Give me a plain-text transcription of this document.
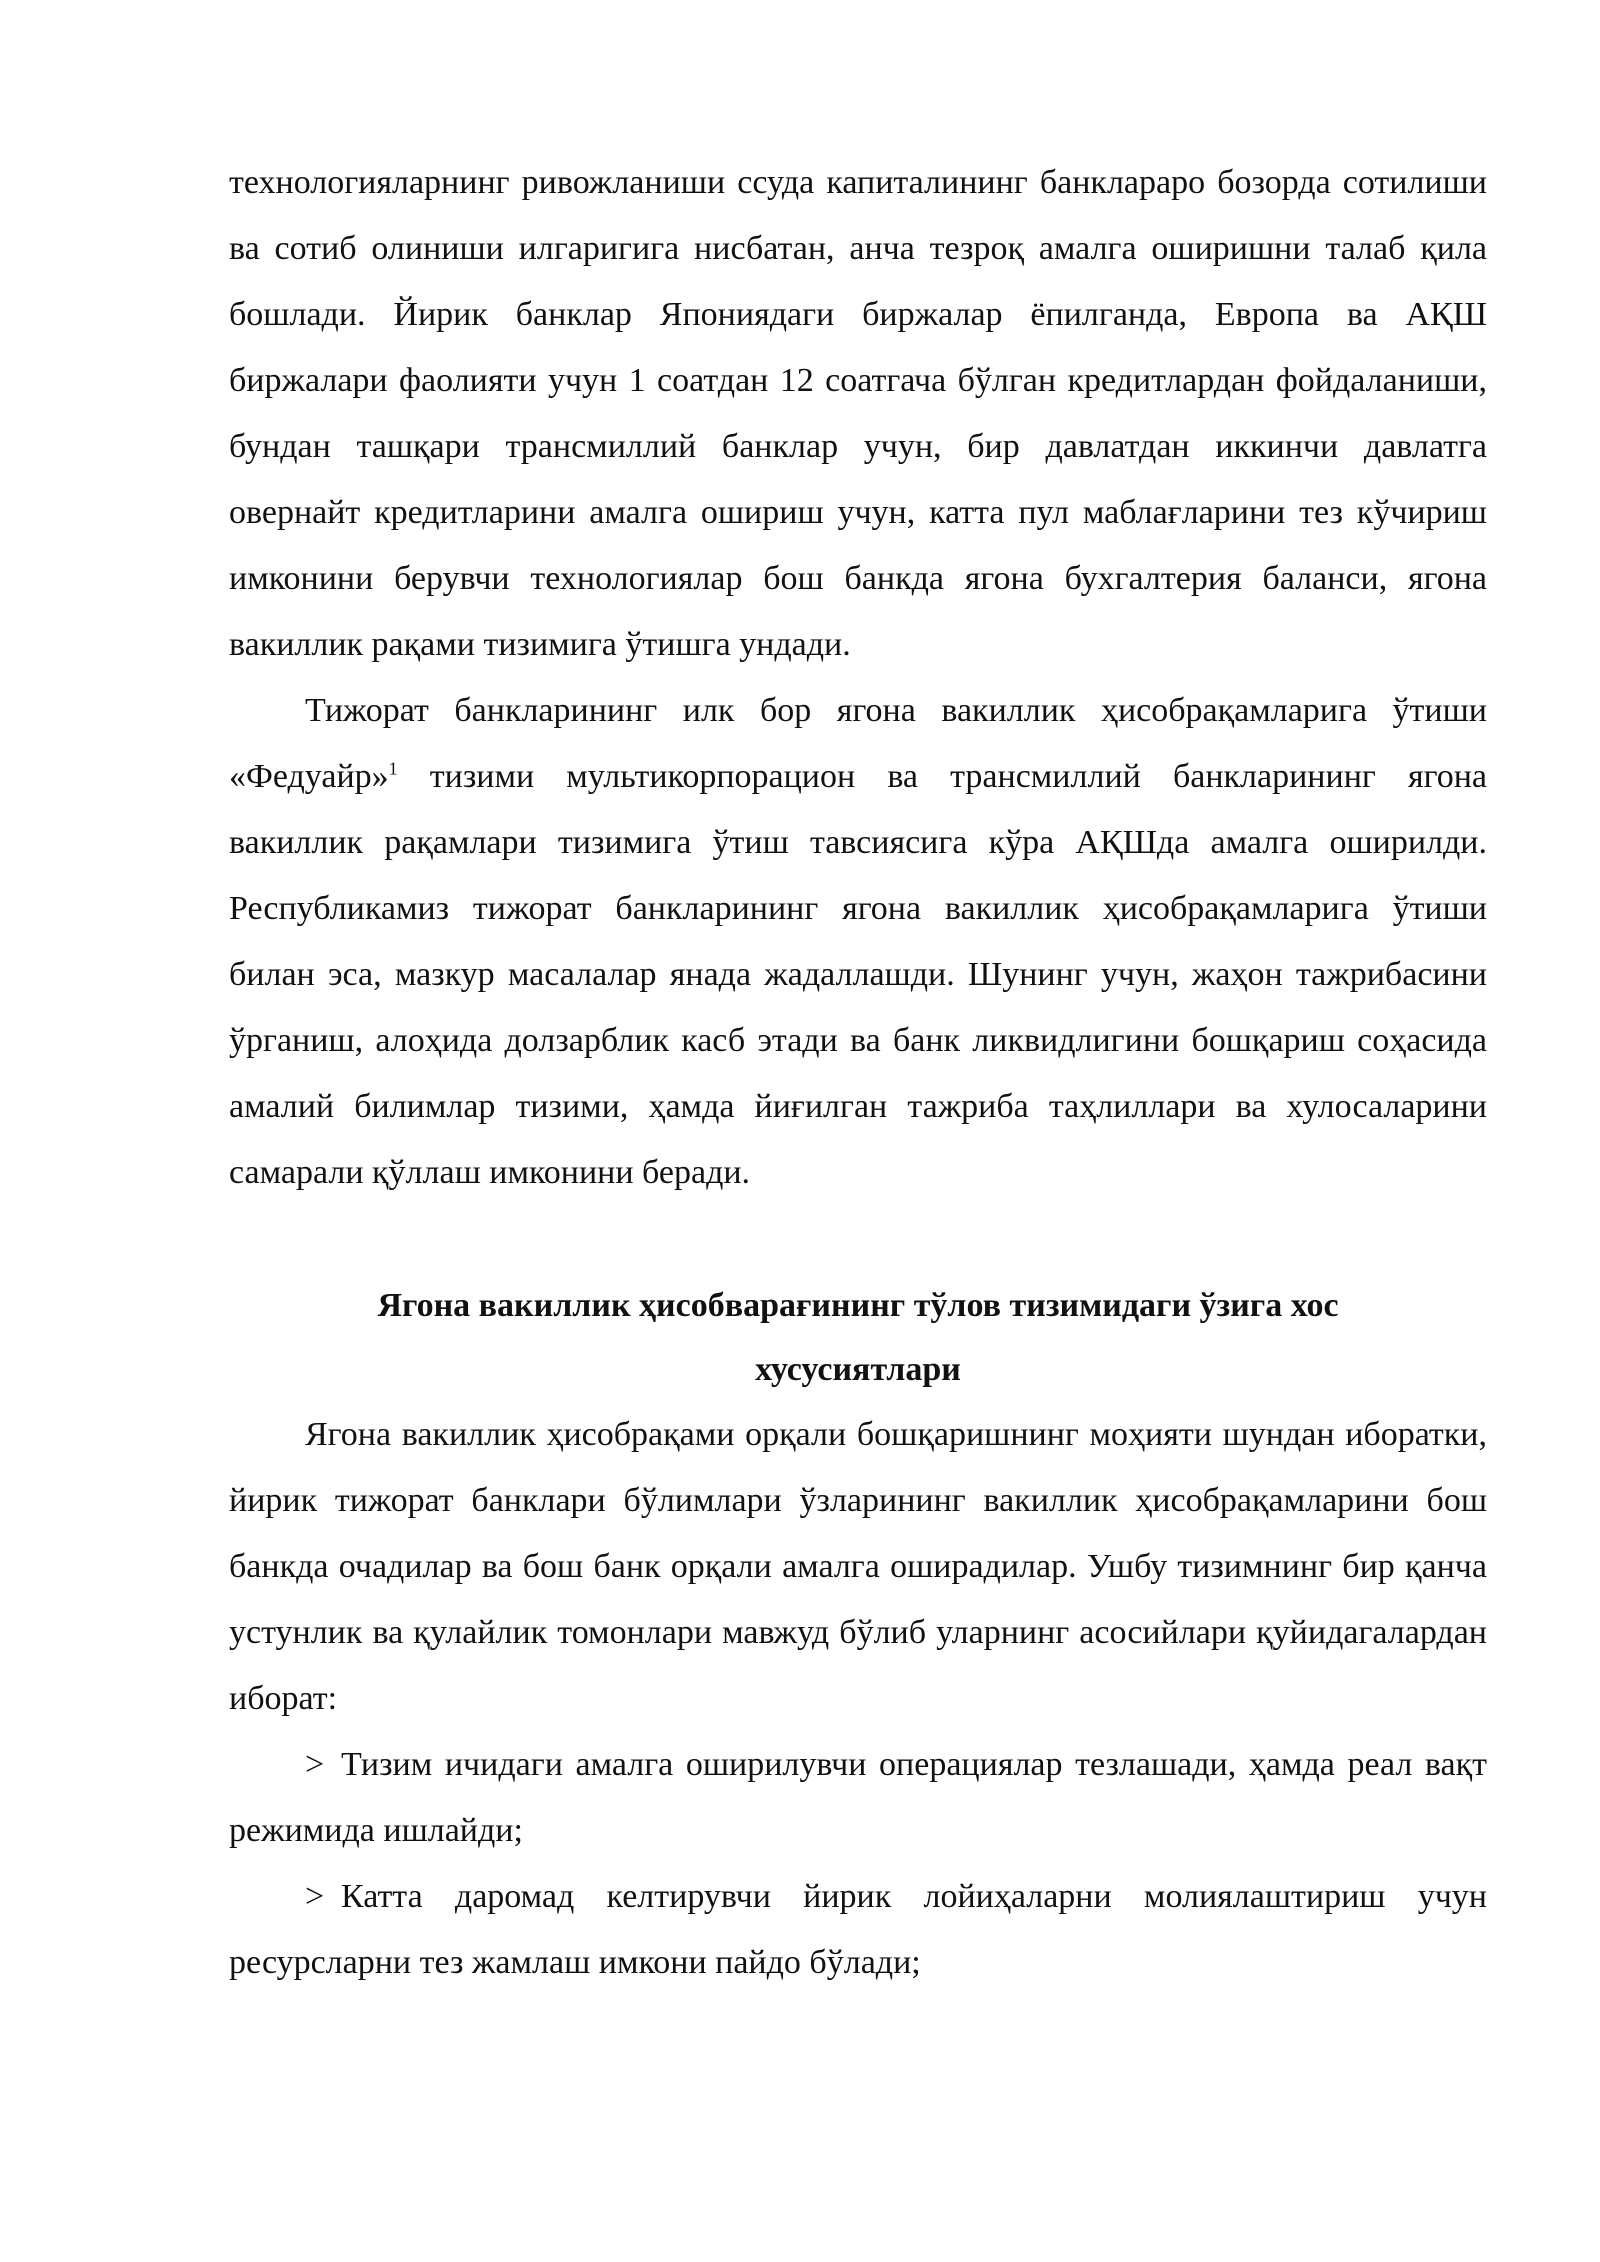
технологияларнинг ривожланиши ссуда капиталининг банклараро бозорда сотилиши ва сотиб олиниши илгаригига нисбатан, анча тезроқ амалга оширишни талаб қила бошлади. Йирик банклар Япониядаги биржалар ёпилганда, Европа ва АҚШ биржалари фаолияти учун 1 соатдан 12 соатгача бўлган кредитлардан фойдаланиши, бундан ташқари трансмиллий банклар учун, бир давлатдан иккинчи давлатга овернайт кредитларини амалга ошириш учун, катта пул маблағларини тез кўчириш имконини берувчи технологиялар бош банкда ягона бухгалтерия баланси, ягона вакиллик рақами тизимига ўтишга ундади.

Тижорат банкларининг илк бор ягона вакиллик ҳисобрақамларига ўтиши «Федуайр»$^1$ тизими мультикорпорацион ва трансмиллий банкларининг ягона вакиллик рақамлари тизимига ўтиш тавсиясига кўра АҚШда амалга оширилди. Республикамиз тижорат банкларининг ягона вакиллик ҳисобрақамларига ўтиши билан эса, мазкур масалалар янада жадаллашди. Шунинг учун, жаҳон тажрибасини ўрганиш, алоҳида долзарблик касб этади ва банк ликвидлигини бошқариш соҳасида амалий билимлар тизими, ҳамда йиғилган тажриба таҳлиллари ва хулосаларини самарали қўллаш имконини беради.

Ягона вакиллик ҳисобварағининг тўлов тизимидаги ўзига хос
хусусиятлари

Ягона вакиллик ҳисобрақами орқали бошқаришнинг моҳияти шундан иборатки, йирик тижорат банклари бўлимлари ўзларининг вакиллик ҳисобрақамларини бош банкда очадилар ва бош банк орқали амалга оширадилар. Ушбу тизимнинг бир қанча устунлик ва қулайлик томонлари мавжуд бўлиб уларнинг асосийлари қуйидагалардан иборат:

> Тизим ичидаги амалга оширилувчи операциялар тезлашади, ҳамда реал вақт режимида ишлайди;

> Катта даромад келтирувчи йирик лойиҳаларни молиялаштириш учун ресурсларни тез жамлаш имкони пайдо бўлади;
